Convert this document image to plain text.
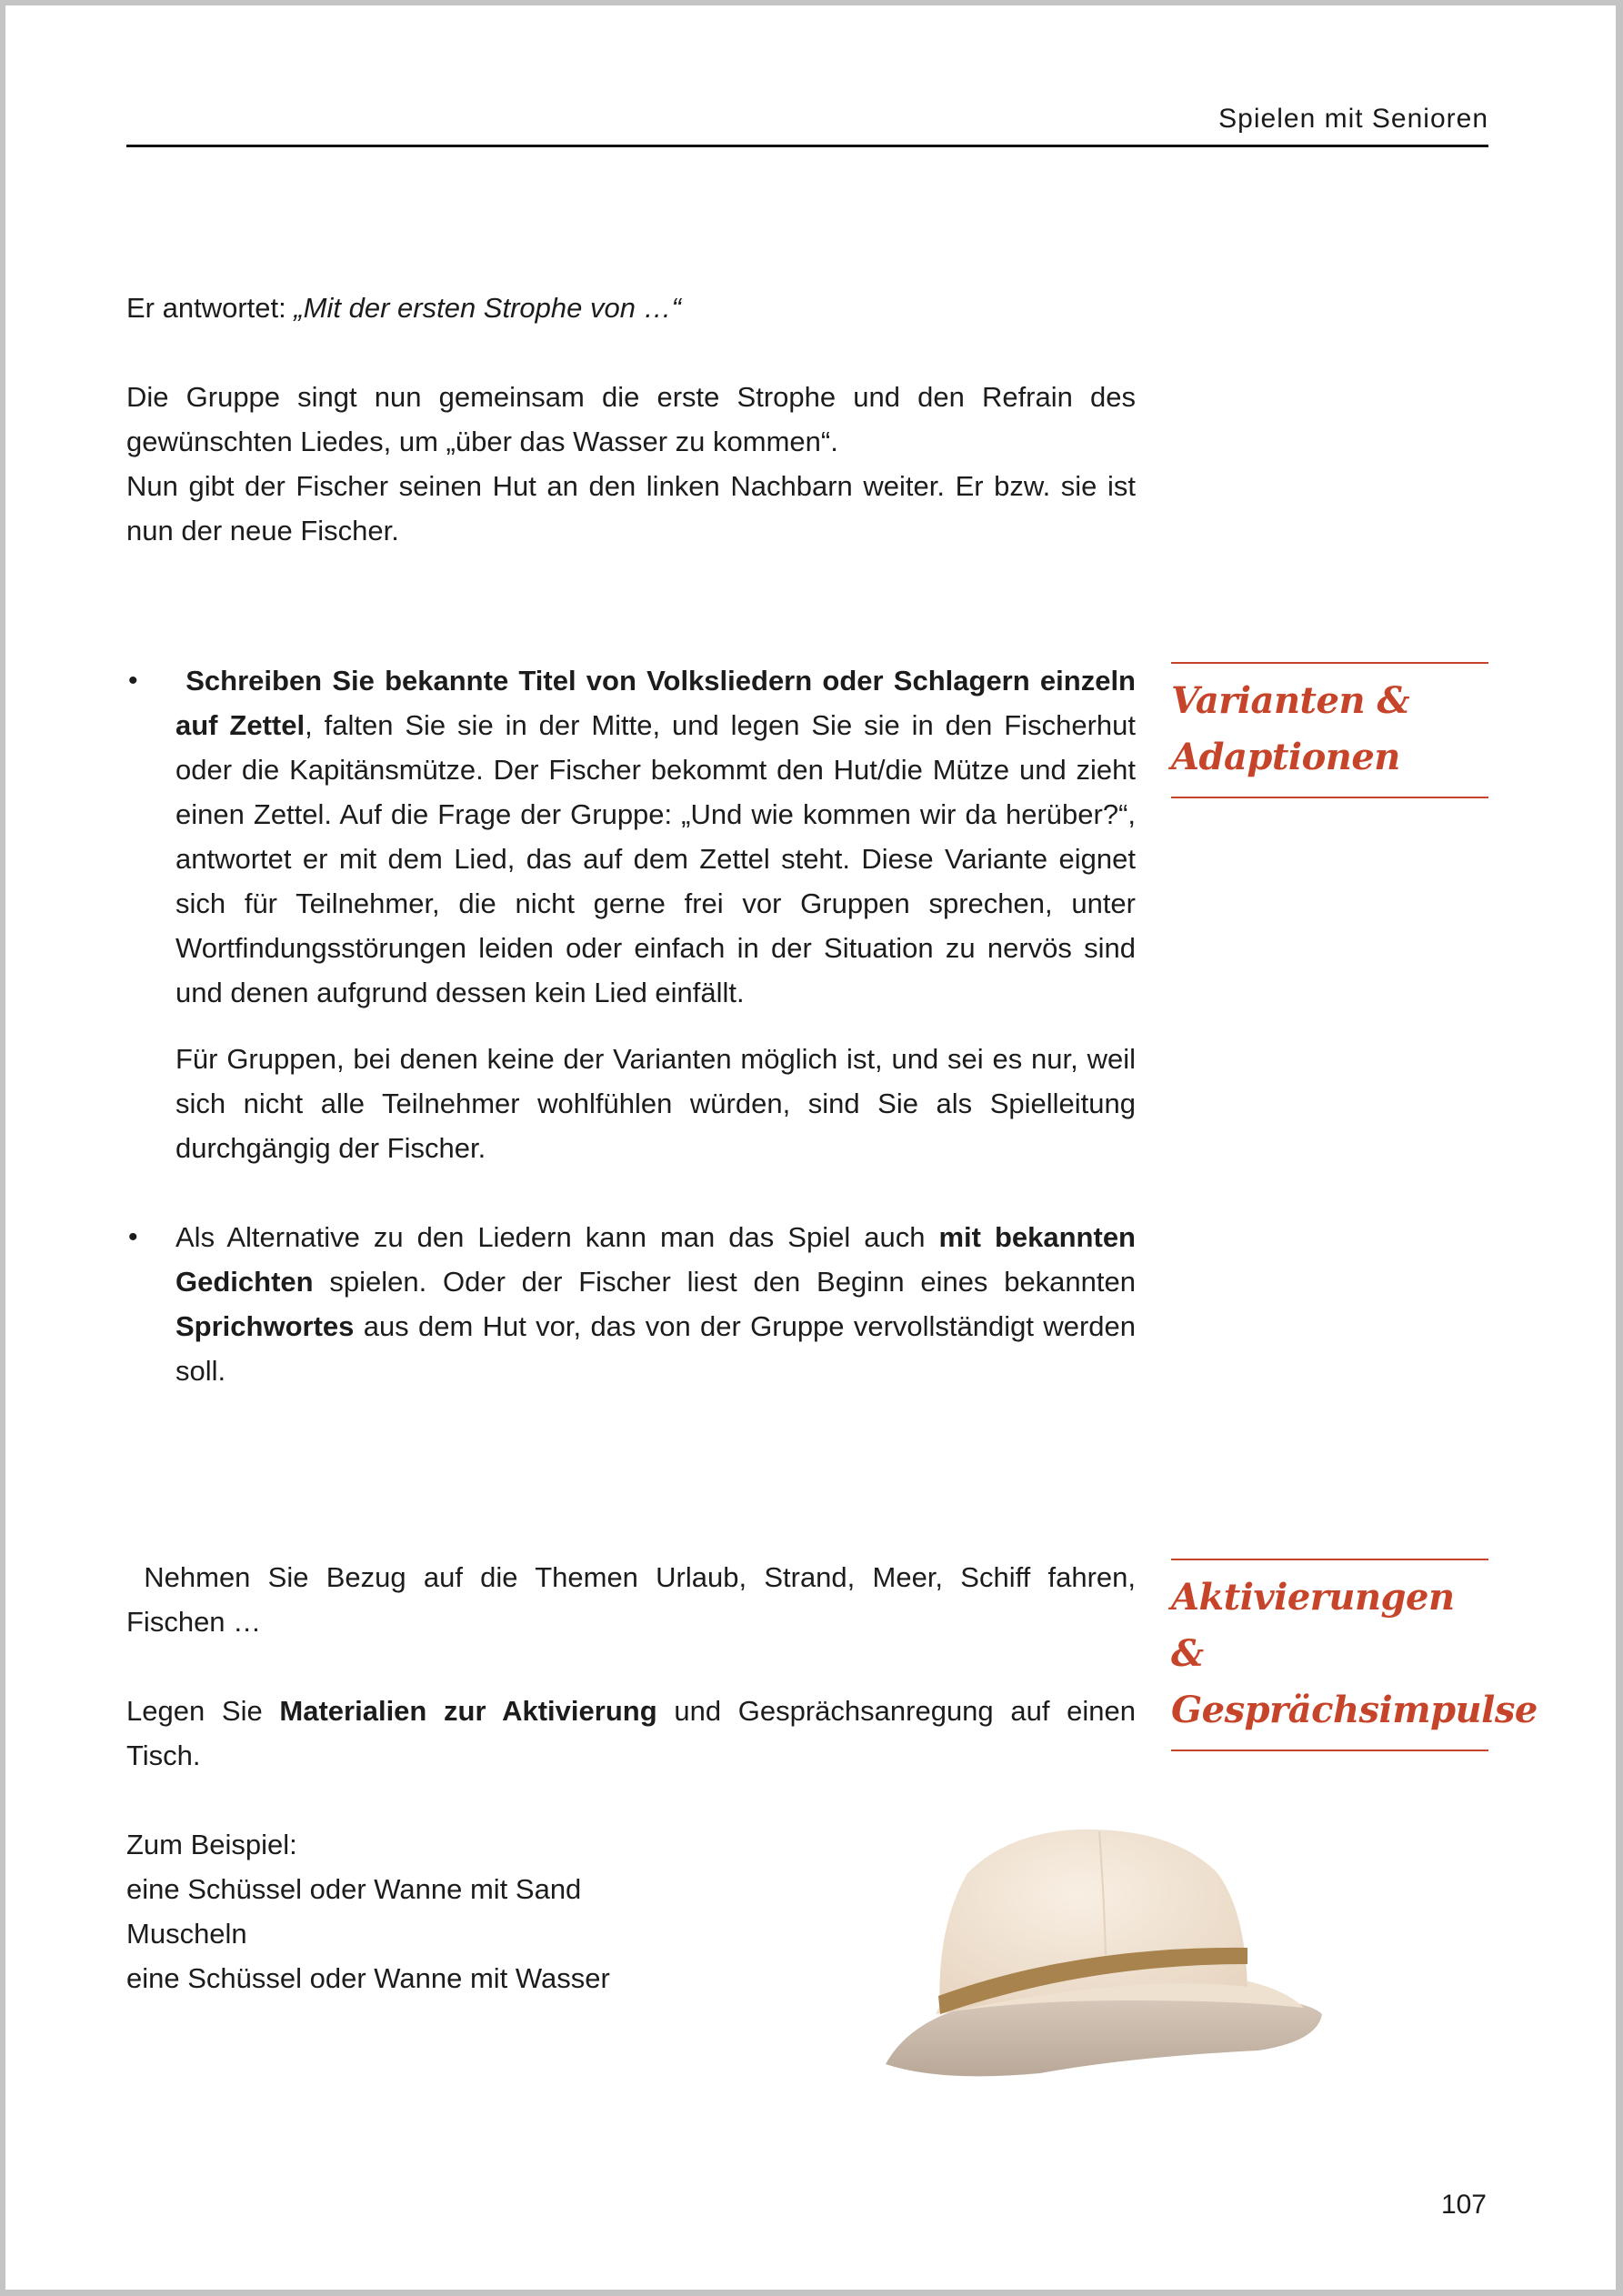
Spielen mit Senioren

Er antwortet: „Mit der ersten Strophe von …“

Die Gruppe singt nun gemeinsam die erste Strophe und den Refrain des gewünschten Liedes, um „über das Wasser zu kommen“.

Nun gibt der Fischer seinen Hut an den linken Nachbarn weiter. Er bzw. sie ist nun der neue Fischer.

Varianten &
Adaptionen
•	Schreiben Sie bekannte Titel von Volksliedern oder Schlagern einzeln auf Zettel, falten Sie sie in der Mitte, und legen Sie sie in den Fischerhut oder die Kapitänsmütze. Der Fischer bekommt den Hut/die Mütze und zieht einen Zettel. Auf die Frage der Gruppe: „Und wie kommen wir da herüber?“, antwortet er mit dem Lied, das auf dem Zettel steht. Diese Variante eignet sich für Teilnehmer, die nicht gerne frei vor Gruppen sprechen, unter Wortfindungsstörungen leiden oder einfach in der Situation zu nervös sind und denen aufgrund dessen kein Lied einfällt.

Für Gruppen, bei denen keine der Varianten möglich ist, und sei es nur, weil sich nicht alle Teilnehmer wohlfühlen würden, sind Sie als Spielleitung durchgängig der Fischer.

• Als Alternative zu den Liedern kann man das Spiel auch mit bekannten Gedichten spielen. Oder der Fischer liest den Beginn eines bekannten Sprichwortes aus dem Hut vor, das von der Gruppe vervollständigt werden soll.

Aktivierungen &
Gesprächsimpulse

Nehmen Sie Bezug auf die Themen Urlaub, Strand, Meer, Schiff fahren, Fischen …

Legen Sie Materialien zur Aktivierung und Gesprächsanregung auf einen Tisch.

Zum Beispiel:

eine Schüssel oder Wanne mit Sand

Muscheln

eine Schüssel oder Wanne mit Wasser

107
